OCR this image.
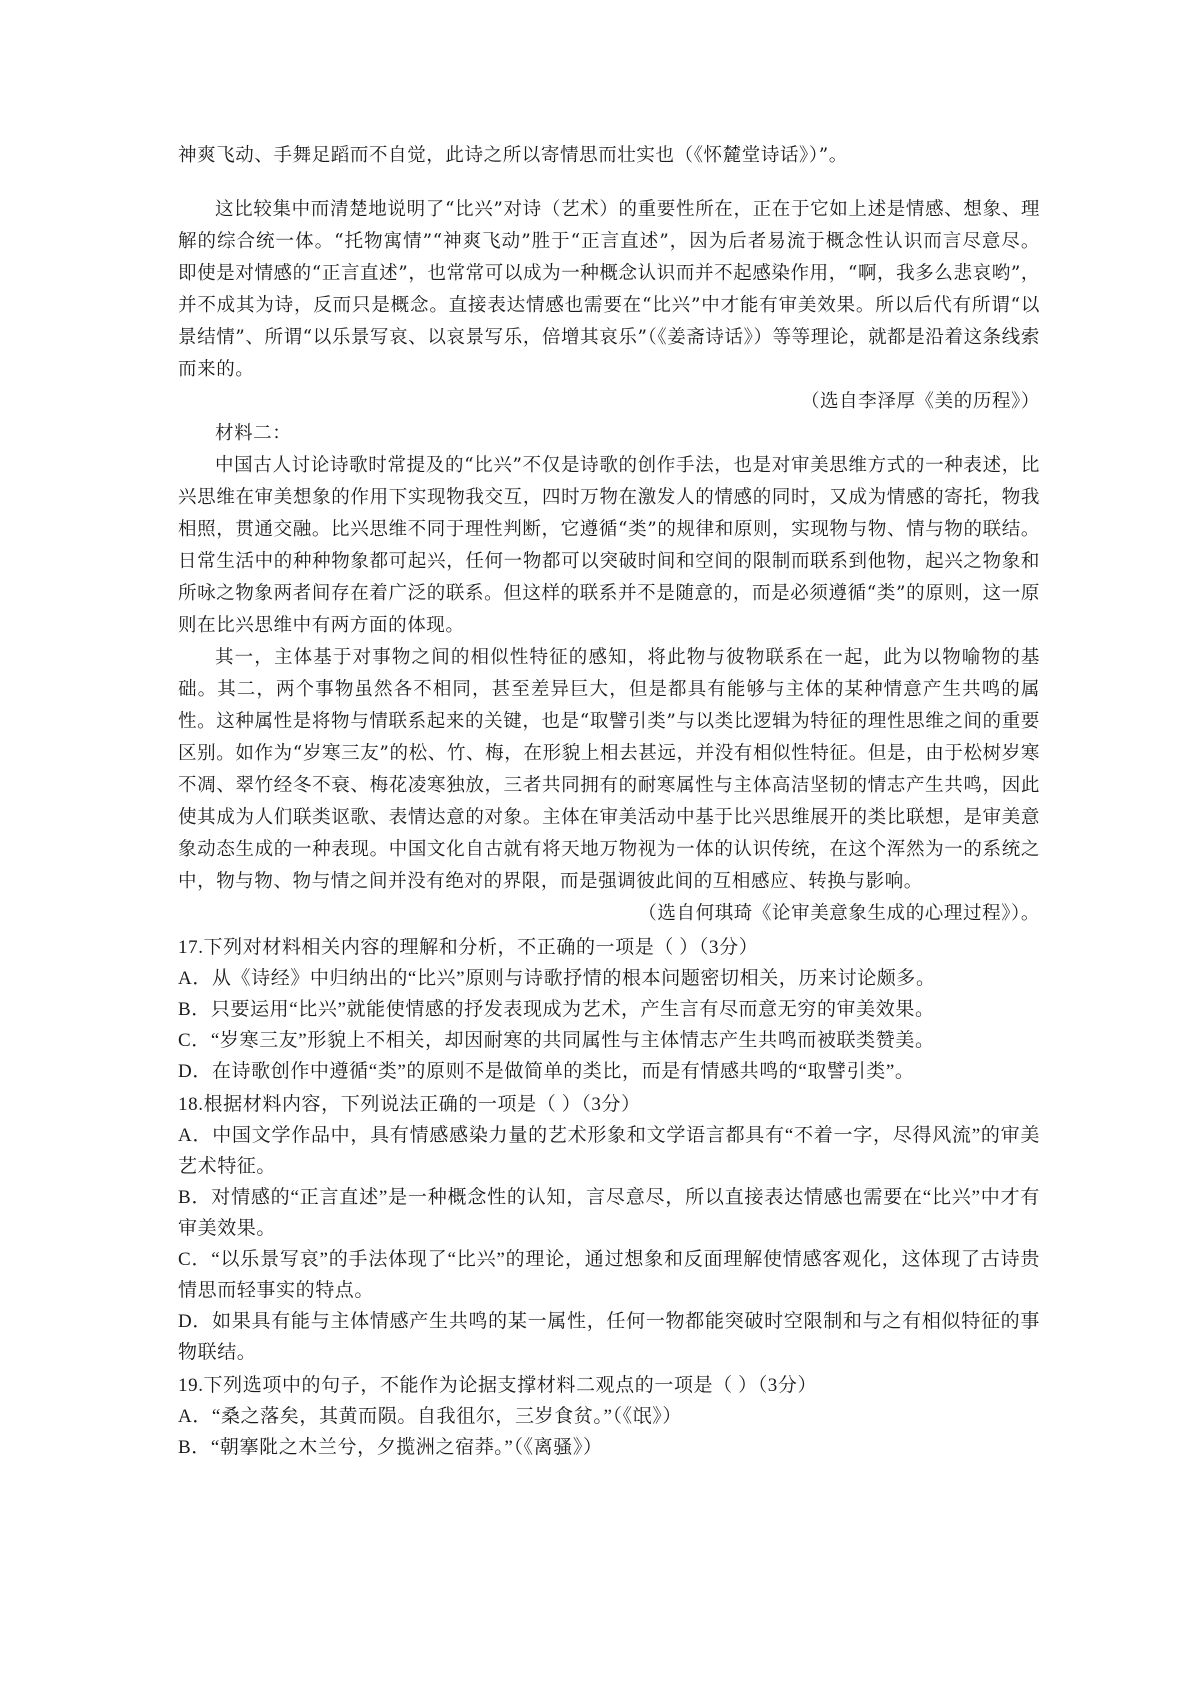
神爽飞动、手舞足蹈而不自觉，此诗之所以寄情思而壮实也（《怀麓堂诗话》）”。

这比较集中而清楚地说明了“比兴”对诗（艺术）的重要性所在，正在于它如上述是情感、想象、理解的综合统一体。“托物寓情”“神爽飞动”胜于“正言直述”，因为后者易流于概念性认识而言尽意尽。即使是对情感的“正言直述”，也常常可以成为一种概念认识而并不起感染作用，“啊，我多么悲哀哟”，并不成其为诗，反而只是概念。直接表达情感也需要在“比兴”中才能有审美效果。所以后代有所谓“以景结情”、所谓“以乐景写哀、以哀景写乐，倍增其哀乐”（《姜斋诗话》）等等理论，就都是沿着这条线索而来的。

（选自李泽厚《美的历程》）

材料二：

中国古人讨论诗歌时常提及的“比兴”不仅是诗歌的创作手法，也是对审美思维方式的一种表述，比兴思维在审美想象的作用下实现物我交互，四时万物在激发人的情感的同时，又成为情感的寄托，物我相照，贯通交融。比兴思维不同于理性判断，它遵循“类”的规律和原则，实现物与物、情与物的联结。日常生活中的种种物象都可起兴，任何一物都可以突破时间和空间的限制而联系到他物，起兴之物象和所咏之物象两者间存在着广泛的联系。但这样的联系并不是随意的，而是必须遵循“类”的原则，这一原则在比兴思维中有两方面的体现。

其一，主体基于对事物之间的相似性特征的感知，将此物与彼物联系在一起，此为以物喻物的基础。其二，两个事物虽然各不相同，甚至差异巨大，但是都具有能够与主体的某种情意产生共鸣的属性。这种属性是将物与情联系起来的关键，也是“取譬引类”与以类比逻辑为特征的理性思维之间的重要区别。如作为“岁寒三友”的松、竹、梅，在形貌上相去甚远，并没有相似性特征。但是，由于松树岁寒不凋、翠竹经冬不衰、梅花凌寒独放，三者共同拥有的耐寒属性与主体高洁坚韧的情志产生共鸣，因此使其成为人们联类讴歌、表情达意的对象。主体在审美活动中基于比兴思维展开的类比联想，是审美意象动态生成的一种表现。中国文化自古就有将天地万物视为一体的认识传统，在这个浑然为一的系统之中，物与物、物与情之间并没有绝对的界限，而是强调彼此间的互相感应、转换与影响。

（选自何琪琦《论审美意象生成的心理过程》）。

17.下列对材料相关内容的理解和分析，不正确的一项是（ ）（3分）

A．从《诗经》中归纳出的“比兴”原则与诗歌抒情的根本问题密切相关，历来讨论颇多。

B．只要运用“比兴”就能使情感的抒发表现成为艺术，产生言有尽而意无穷的审美效果。

C．“岁寒三友”形貌上不相关，却因耐寒的共同属性与主体情志产生共鸣而被联类赞美。

D．在诗歌创作中遵循“类”的原则不是做简单的类比，而是有情感共鸣的“取譬引类”。

18.根据材料内容，下列说法正确的一项是（ ）（3分）

A．中国文学作品中，具有情感感染力量的艺术形象和文学语言都具有“不着一字，尽得风流”的审美艺术特征。

B．对情感的“正言直述”是一种概念性的认知，言尽意尽，所以直接表达情感也需要在“比兴”中才有审美效果。

C．“以乐景写哀”的手法体现了“比兴”的理论，通过想象和反面理解使情感客观化，这体现了古诗贵情思而轻事实的特点。

D．如果具有能与主体情感产生共鸣的某一属性，任何一物都能突破时空限制和与之有相似特征的事物联结。

19.下列选项中的句子，不能作为论据支撑材料二观点的一项是（ ）（3分）

A．“桑之落矣，其黄而陨。自我徂尔，三岁食贫。”（《氓》）

B．“朝搴阰之木兰兮，夕揽洲之宿莽。”（《离骚》）
